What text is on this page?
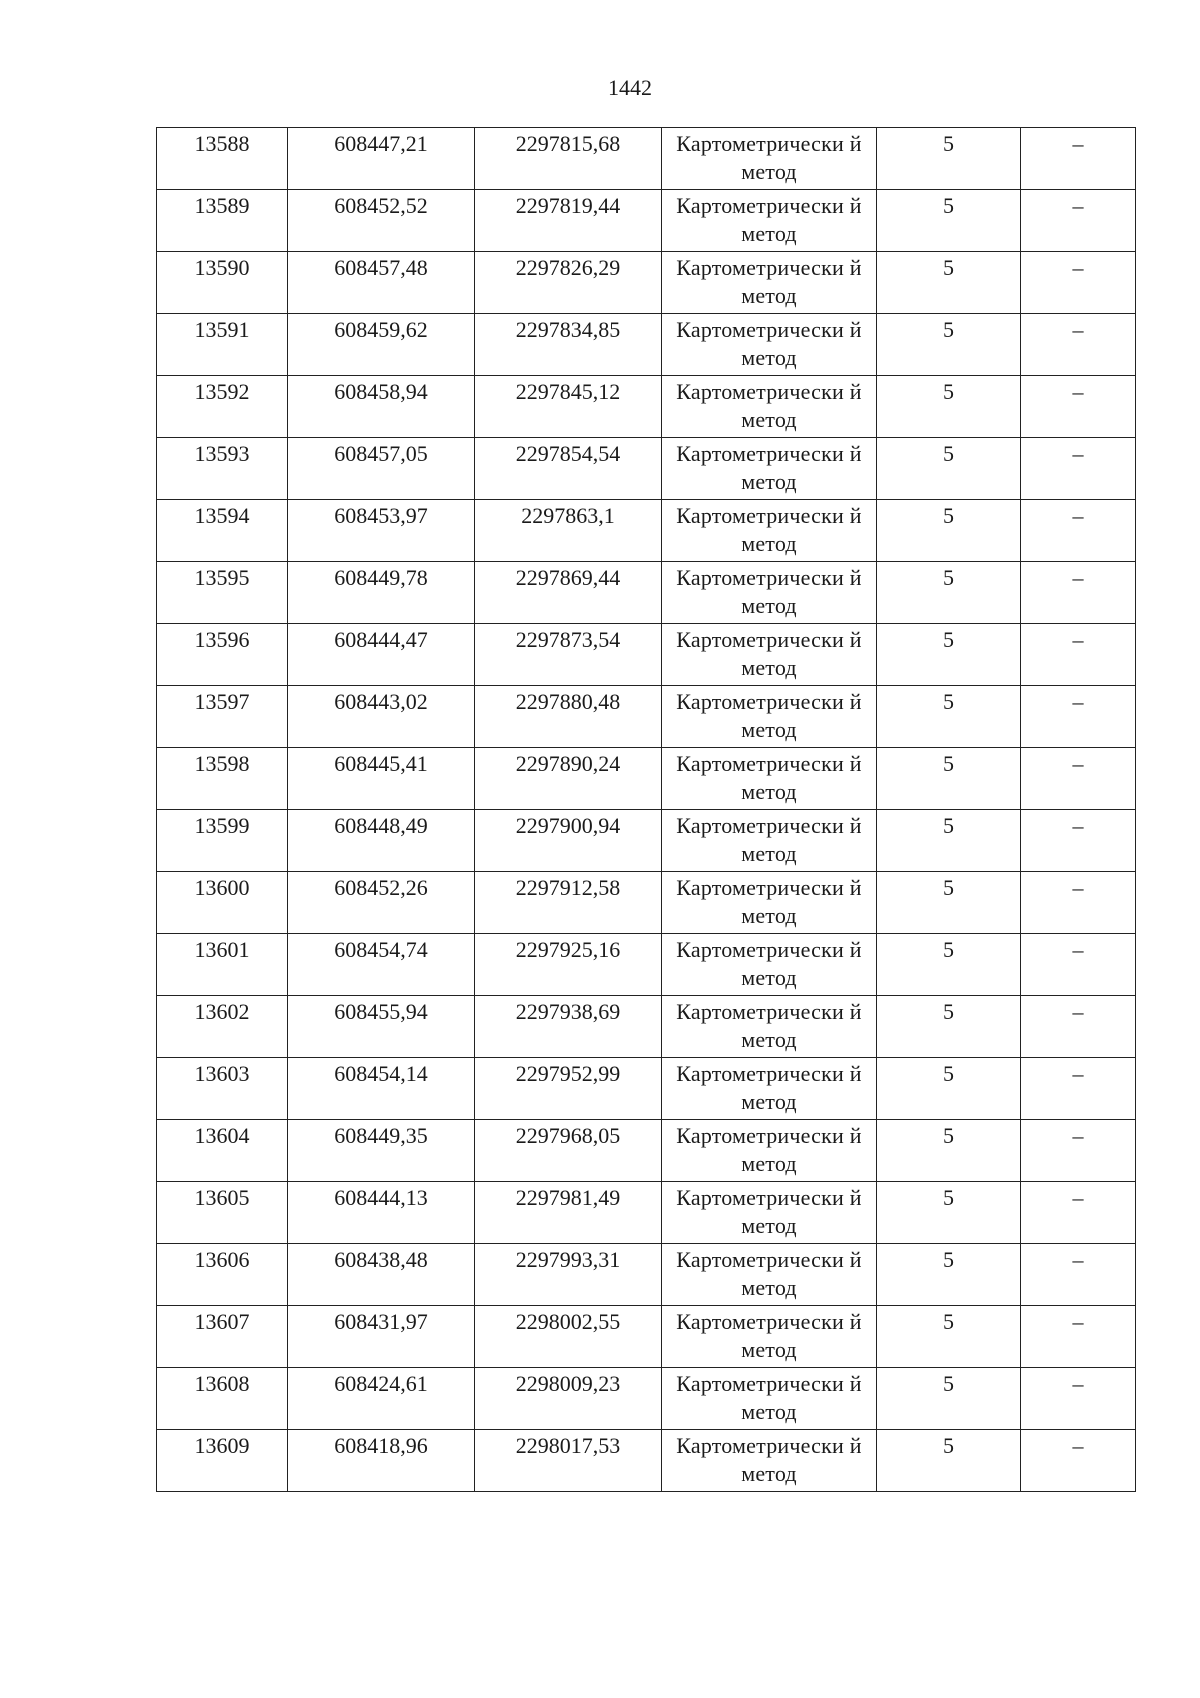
1442
13588	608447,21	2297815,68	Картометрически й метод	5	–
13589	608452,52	2297819,44	Картометрически й метод	5	–
13590	608457,48	2297826,29	Картометрически й метод	5	–
13591	608459,62	2297834,85	Картометрически й метод	5	–
13592	608458,94	2297845,12	Картометрически й метод	5	–
13593	608457,05	2297854,54	Картометрически й метод	5	–
13594	608453,97	2297863,1	Картометрически й метод	5	–
13595	608449,78	2297869,44	Картометрически й метод	5	–
13596	608444,47	2297873,54	Картометрически й метод	5	–
13597	608443,02	2297880,48	Картометрически й метод	5	–
13598	608445,41	2297890,24	Картометрически й метод	5	–
13599	608448,49	2297900,94	Картометрически й метод	5	–
13600	608452,26	2297912,58	Картометрически й метод	5	–
13601	608454,74	2297925,16	Картометрически й метод	5	–
13602	608455,94	2297938,69	Картометрически й метод	5	–
13603	608454,14	2297952,99	Картометрически й метод	5	–
13604	608449,35	2297968,05	Картометрически й метод	5	–
13605	608444,13	2297981,49	Картометрически й метод	5	–
13606	608438,48	2297993,31	Картометрически й метод	5	–
13607	608431,97	2298002,55	Картометрически й метод	5	–
13608	608424,61	2298009,23	Картометрически й метод	5	–
13609	608418,96	2298017,53	Картометрически й метод	5	–
